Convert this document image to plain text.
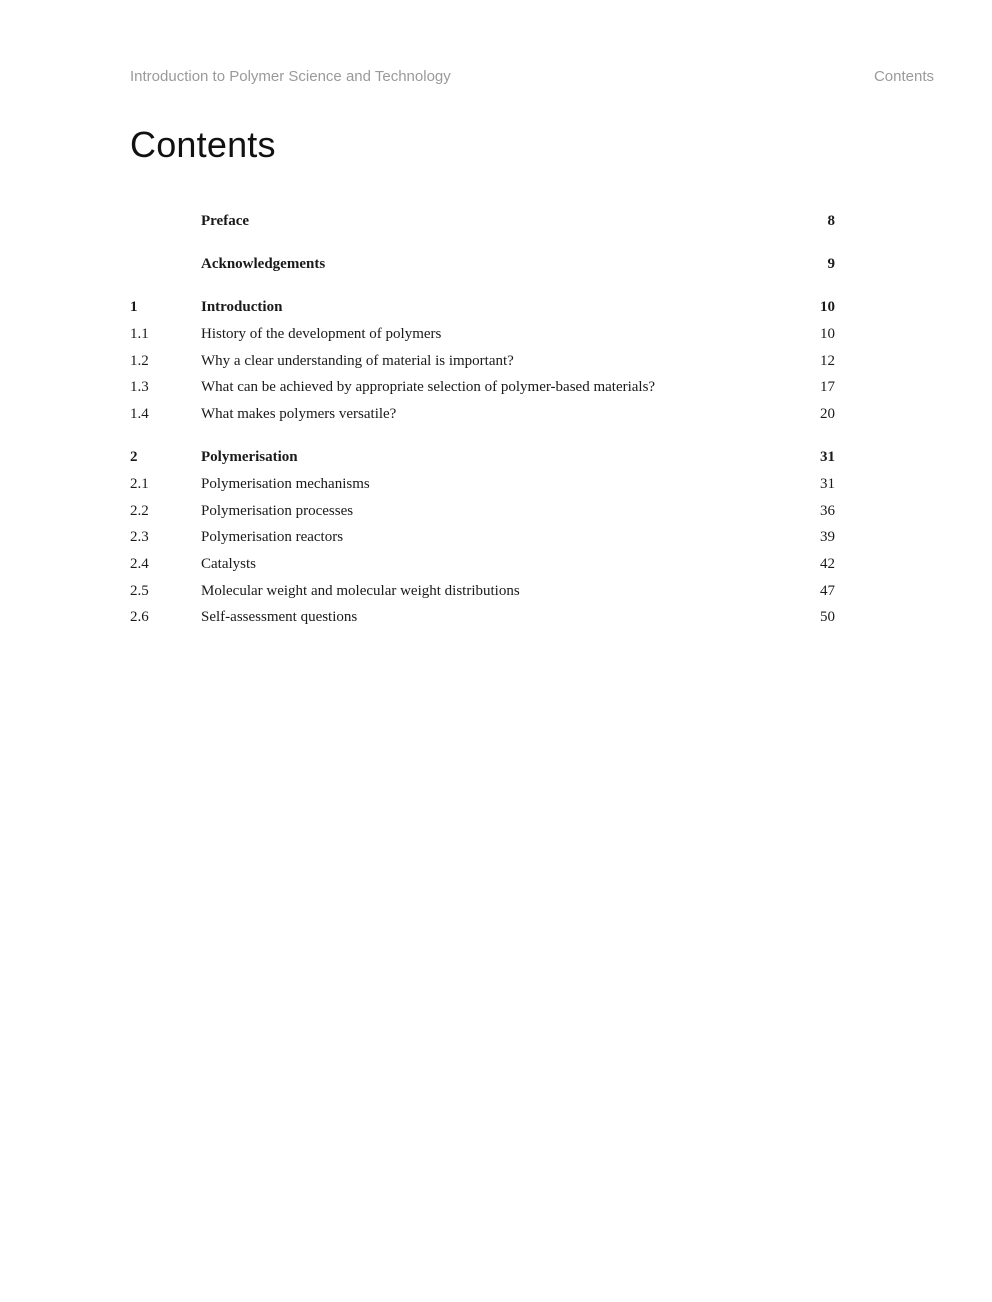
Introduction to Polymer Science and Technology	Contents
Contents
Preface	8
Acknowledgements	9
1	Introduction	10
1.1	History of the development of polymers	10
1.2	Why a clear understanding of material is important?	12
1.3	What can be achieved by appropriate selection of polymer-based materials?	17
1.4	What makes polymers versatile?	20
2	Polymerisation	31
2.1	Polymerisation mechanisms	31
2.2	Polymerisation processes	36
2.3	Polymerisation reactors	39
2.4	Catalysts	42
2.5	Molecular weight and molecular weight distributions	47
2.6	Self-assessment questions	50
